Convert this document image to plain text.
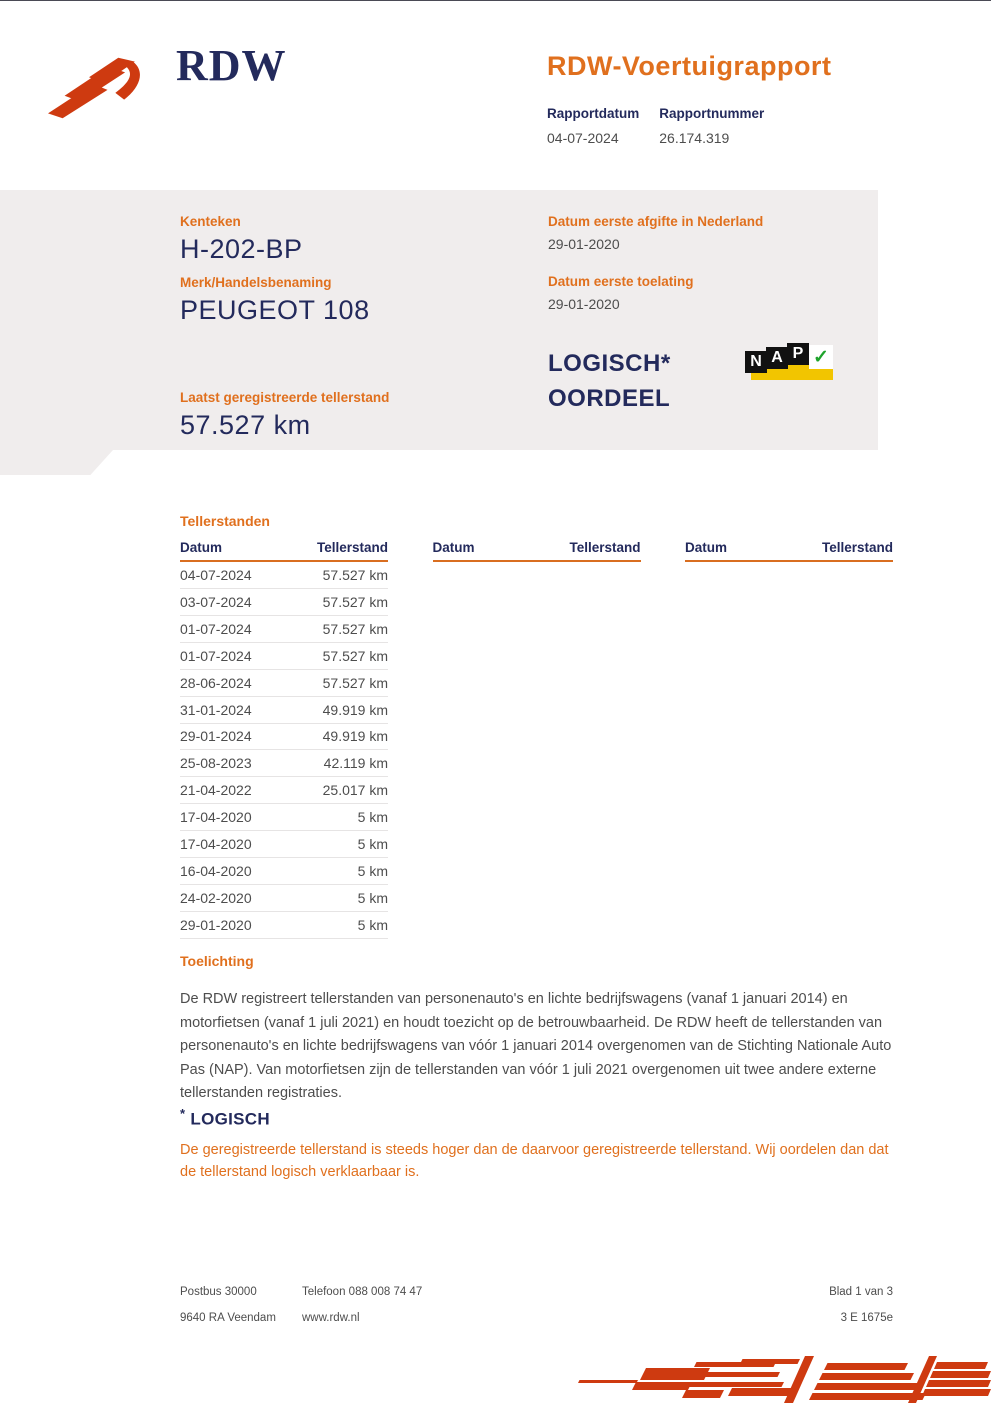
RDW	RDW-Voertuigrapport
Rapportdatum
04-07-2024
Rapportnummer
26.174.319
Kenteken
H-202-BP
Merk/Handelsbenaming
PEUGEOT 108
Datum eerste afgifte in Nederland
29-01-2020
Datum eerste toelating
29-01-2020
LOGISCH*
OORDEEL
N A P ✓
Laatst geregistreerde tellerstand
57.527 km
Tellerstanden
Datum	Tellerstand	Datum	Tellerstand	Datum	Tellerstand
04-07-2024	57.527 km
03-07-2024	57.527 km
01-07-2024	57.527 km
01-07-2024	57.527 km
28-06-2024	57.527 km
31-01-2024	49.919 km
29-01-2024	49.919 km
25-08-2023	42.119 km
21-04-2022	25.017 km
17-04-2020	5 km
17-04-2020	5 km
16-04-2020	5 km
24-02-2020	5 km
29-01-2020	5 km
Toelichting

De RDW registreert tellerstanden van personenauto's en lichte bedrijfswagens (vanaf 1 januari 2014) en motorfietsen (vanaf 1 juli 2021) en houdt toezicht op de betrouwbaarheid. De RDW heeft de tellerstanden van personenauto's en lichte bedrijfswagens van vóór 1 januari 2014 overgenomen van de Stichting Nationale Auto Pas (NAP). Van motorfietsen zijn de tellerstanden van vóór 1 juli 2021 overgenomen uit twee andere externe tellerstanden registraties.

* LOGISCH

De geregistreerde tellerstand is steeds hoger dan de daarvoor geregistreerde tellerstand. Wij oordelen dan dat de tellerstand logisch verklaarbaar is.

Postbus 30000	Telefoon 088 008 74 47	Blad 1 van 3
9640 RA Veendam www.rdw.nl	3 E 1675e
